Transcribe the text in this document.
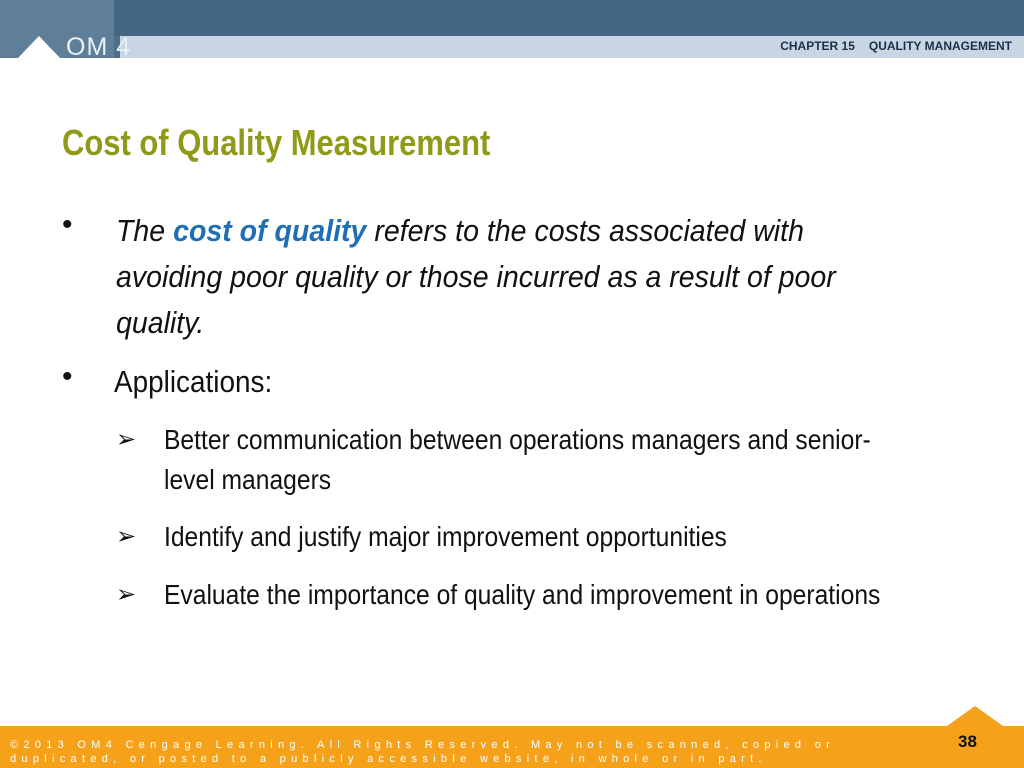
OM 4	CHAPTER 15 QUALITY MANAGEMENT
Cost of Quality Measurement
• The cost of quality refers to the costs associated with avoiding poor quality or those incurred as a result of poor quality.
• Applications:
➢ Better communication between operations managers and senior-level managers
➢ Identify and justify major improvement opportunities
➢ Evaluate the importance of quality and improvement in operations
©2013 OM4 Cengage Learning. All Rights Reserved. May not be scanned, copied or
duplicated, or posted to a publicly accessible website, in whole or in part.
38
